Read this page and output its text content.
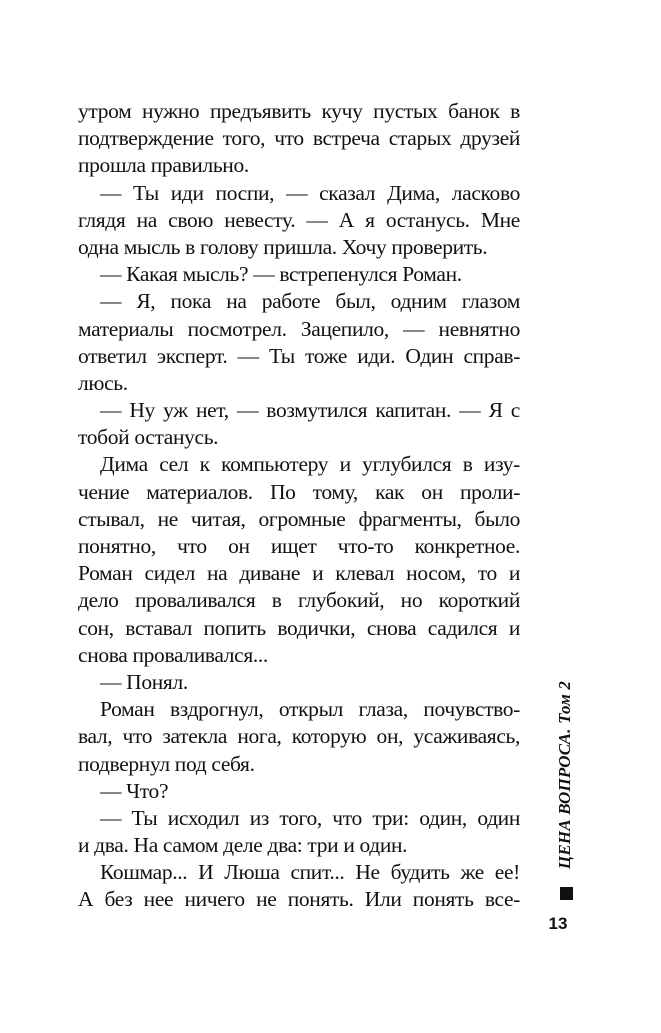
утром нужно предъявить кучу пустых банок в
подтверждение того, что встреча старых друзей
прошла правильно.
— Ты иди поспи, — сказал Дима, ласково
глядя на свою невесту. — А я останусь. Мне
одна мысль в голову пришла. Хочу проверить.
— Какая мысль? — встрепенулся Роман.
— Я, пока на работе был, одним глазом
материалы посмотрел. Зацепило, — невнятно
ответил эксперт. — Ты тоже иди. Один справ-
люсь.
— Ну уж нет, — возмутился капитан. — Я с
тобой останусь.
Дима сел к компьютеру и углубился в изу-
чение материалов. По тому, как он проли-
стывал, не читая, огромные фрагменты, было
понятно, что он ищет что-то конкретное.
Роман сидел на диване и клевал носом, то и
дело проваливался в глубокий, но короткий
сон, вставал попить водички, снова садился и
снова проваливался...
— Понял.
Роман вздрогнул, открыл глаза, почувство-
вал, что затекла нога, которую он, усаживаясь,
подвернул под себя.
— Что?
— Ты исходил из того, что три: один, один
и два. На самом деле два: три и один.
Кошмар... И Люша спит... Не будить же ее!
А без нее ничего не понять. Или понять все-
ЦЕНА ВОПРОСА. Том 2
13
